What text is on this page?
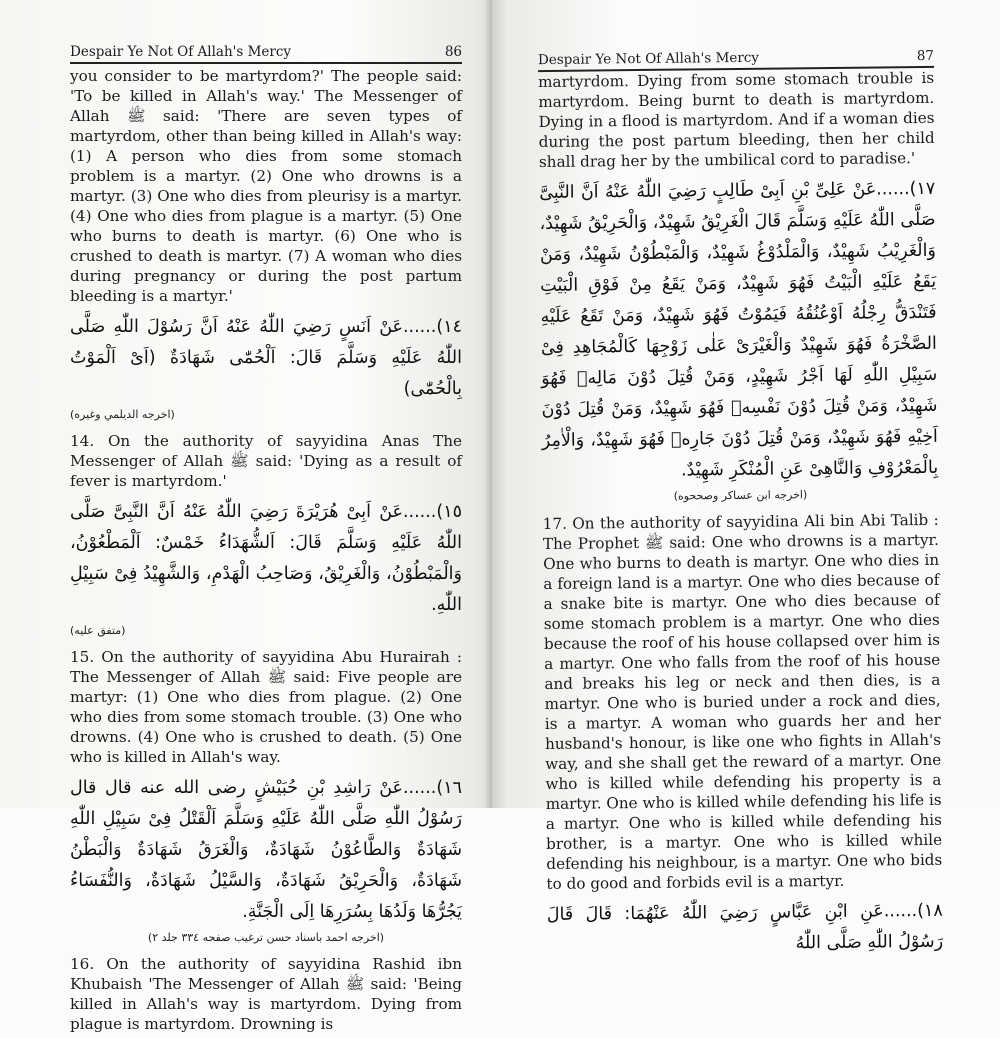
Despair Ye Not Of Allah's Mercy	86

you consider to be martyrdom?' The people said: 'To be killed in Allah's way.' The Messenger of Allah ﷺ said: 'There are seven types of martyrdom, other than being killed in Allah's way: (1) A person who dies from some stomach problem is a martyr. (2) One who drowns is a martyr. (3) One who dies from pleurisy is a martyr. (4) One who dies from plague is a martyr. (5) One who burns to death is martyr. (6) One who is crushed to death is martyr. (7) A woman who dies during pregnancy or during the post partum bleeding is a martyr.'

١٤)......عَنْ اَنَسٍ رَضِيَ اللّٰهُ عَنْهُ اَنَّ رَسُوْلَ اللّٰهِ صَلَّى اللّٰهُ عَلَيْهِ وَسَلَّمَ قَالَ: اَلْحُمّٰى شَهَادَةٌ (اَىْ اَلْمَوْتُ بِالْحُمّٰى)

(اخرجه الديلمي وغيره)

14. On the authority of sayyidina Anas The Messenger of Allah ﷺ said: 'Dying as a result of fever is martyrdom.'

١٥)......عَنْ اَبِىْ هُرَيْرَةَ رَضِيَ اللّٰهُ عَنْهُ اَنَّ النَّبِىَّ صَلَّى اللّٰهُ عَلَيْهِ وَسَلَّمَ قَالَ: اَلشُّهَدَاءُ خَمْسٌ: اَلْمَطْعُوْنُ، وَالْمَبْطُوْنُ، وَالْغَرِيْقُ، وَصَاحِبُ الْهَدْمِ، وَالشَّهِيْدُ فِىْ سَبِيْلِ اللّٰهِ.

(متفق عليه)

15. On the authority of sayyidina Abu Hurairah : The Messenger of Allah ﷺ said: Five people are martyr: (1) One who dies from plague. (2) One who dies from some stomach trouble. (3) One who drowns. (4) One who is crushed to death. (5) One who is killed in Allah's way.

١٦)......عَنْ رَاشِدِ بْنِ حُبَيْشٍ رضى الله عنه قال قال رَسُوْلُ اللّٰهِ صَلَّى اللّٰهُ عَلَيْهِ وَسَلَّمَ اَلْقَتْلُ فِىْ سَبِيْلِ اللّٰهِ شَهَادَةٌ وَالطَّاعُوْنُ شَهَادَةٌ، وَالْغَرَقُ شَهَادَةٌ وَالْبَطْنُ شَهَادَةٌ، وَالْحَرِيْقُ شَهَادَةٌ، وَالسَّيْلُ شَهَادَةٌ، وَالنُّفَسَاءُ يَجُرُّهَا وَلَدُهَا بِسُرَرِهَا اِلَى الْجَنَّةِ.

(اخرجه احمد باسناد حسن ترغيب صفحه ٣٣٤ جلد ٢)

16. On the authority of sayyidina Rashid ibn Khubaish 'The Messenger of Allah ﷺ said: 'Being killed in Allah's way is martyrdom. Dying from plague is martyrdom. Drowning is

Despair Ye Not Of Allah's Mercy	87

martyrdom. Dying from some stomach trouble is martyrdom. Being burnt to death is martyrdom. Dying in a flood is martyrdom. And if a woman dies during the post partum bleeding, then her child shall drag her by the umbilical cord to paradise.'

١٧)......عَنْ عَلِىِّ بْنِ اَبِىْ طَالِبٍ رَضِيَ اللّٰهُ عَنْهُ اَنَّ النَّبِىَّ صَلَّى اللّٰهُ عَلَيْهِ وَسَلَّمَ قَالَ الْغَرِيْقُ شَهِيْدٌ، وَالْحَرِيْقُ شَهِيْدٌ، وَالْغَرِيْبُ شَهِيْدٌ، وَالْمَلْدُوْغُ شَهِيْدٌ، وَالْمَبْطُوْنُ شَهِيْدٌ، وَمَنْ يَقَعُ عَلَيْهِ الْبَيْتُ فَهُوَ شَهِيْدٌ، وَمَنْ يَقَعُ مِنْ فَوْقِ الْبَيْتِ فَتَنْدَقُّ رِجْلُهُ اَوْعُنُقُهُ فَيَمُوْتُ فَهُوَ شَهِيْدٌ، وَمَنْ تَقَعُ عَلَيْهِ الصَّخْرَةُ فَهُوَ شَهِيْدٌ وَالْغَيْرَىْ عَلٰى زَوْجِهَا كَالْمُجَاهِدِ فِىْ سَبِيْلِ اللّٰهِ لَهَا اَجْرُ شَهِيْدٍ، وَمَنْ قُتِلَ دُوْنَ مَالِهٖ فَهُوَ شَهِيْدٌ، وَمَنْ قُتِلَ دُوْنَ نَفْسِهٖ فَهُوَ شَهِيْدٌ، وَمَنْ قُتِلَ دُوْنَ اَخِيْهِ فَهُوَ شَهِيْدٌ، وَمَنْ قُتِلَ دُوْنَ جَارِهٖ فَهُوَ شَهِيْدٌ، وَالْاٰمِرُ بِالْمَعْرُوْفِ وَالنَّاهِىْ عَنِ الْمُنْكَرِ شَهِيْدٌ.

(اخرجه ابن عساكر وصححوه)

17. On the authority of sayyidina Ali bin Abi Talib : The Prophet ﷺ said: One who drowns is a martyr. One who burns to death is martyr. One who dies in a foreign land is a martyr. One who dies because of a snake bite is martyr. One who dies because of some stomach problem is a martyr. One who dies because the roof of his house collapsed over him is a martyr. One who falls from the roof of his house and breaks his leg or neck and then dies, is a martyr. One who is buried under a rock and dies, is a martyr. A woman who guards her and her husband's honour, is like one who fights in Allah's way, and she shall get the reward of a martyr. One who is killed while defending his property is a martyr. One who is killed while defending his life is a martyr. One who is killed while defending his brother, is a martyr. One who is killed while defending his neighbour, is a martyr. One who bids to do good and forbids evil is a martyr.

١٨)......عَنِ ابْنِ عَبَّاسٍ رَضِيَ اللّٰهُ عَنْهُمَا: قَالَ قَالَ رَسُوْلُ اللّٰهِ صَلَّى اللّٰهُ
